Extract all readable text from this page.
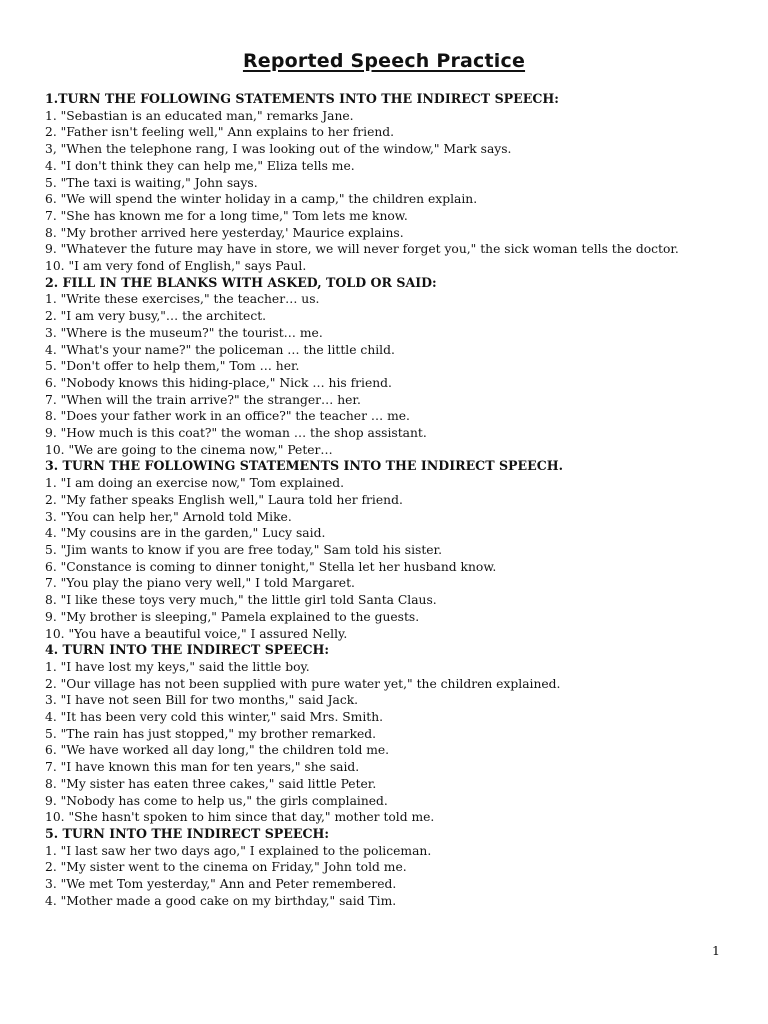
Reported Speech Practice
1.TURN THE FOLLOWING STATEMENTS INTO THE INDIRECT SPEECH:
1. "Sebastian is an educated man," remarks Jane.
2. "Father isn't feeling well," Ann explains to her friend.
3, "When the telephone rang, I was looking out of the window," Mark says.
4. "I don't think they can help me," Eliza tells me.
5. "The taxi is waiting," John says.
6. "We will spend the winter holiday in a camp," the children explain.
7. "She has known me for a long time," Tom lets me know.
8. "My brother arrived here yesterday,' Maurice explains.
9. "Whatever the future may have in store, we will never forget you," the sick woman tells the doctor.
10. "I am very fond of English," says Paul.
2. FILL IN THE BLANKS WITH ASKED, TOLD OR SAID:
1. "Write these exercises," the teacher… us.
2. "I am very busy,"… the architect.
3. "Where is the museum?" the tourist… me.
4. "What's your name?" the policeman … the little child.
5. "Don't offer to help them," Tom … her.
6. "Nobody knows this hiding-place," Nick … his friend.
7. "When will the train arrive?" the stranger… her.
8. "Does your father work in an office?" the teacher … me.
9. "How much is this coat?" the woman … the shop assistant.
10. "We are going to the cinema now," Peter…
3. TURN THE FOLLOWING STATEMENTS INTO THE INDIRECT SPEECH.
1. "I am doing an exercise now," Tom explained.
2. "My father speaks English well," Laura told her friend.
3. "You can help her," Arnold told Mike.
4. "My cousins are in the garden," Lucy said.
5. "Jim wants to know if you are free today," Sam told his sister.
6. "Constance is coming to dinner tonight," Stella let her husband know.
7. "You play the piano very well," I told Margaret.
8. "I like these toys very much," the little girl told Santa Claus.
9. "My brother is sleeping," Pamela explained to the guests.
10. "You have a beautiful voice," I assured Nelly.
4. TURN INTO THE INDIRECT SPEECH:
1. "I have lost my keys," said the little boy.
2. "Our village has not been supplied with pure water yet," the children explained.
3. "I have not seen Bill for two months," said Jack.
4. "It has been very cold this winter," said Mrs. Smith.
5. "The rain has just stopped," my brother remarked.
6. "We have worked all day long," the children told me.
7. "I have known this man for ten years," she said.
8. "My sister has eaten three cakes," said little Peter.
9. "Nobody has come to help us," the girls complained.
10. "She hasn't spoken to him since that day," mother told me.
5. TURN INTO THE INDIRECT SPEECH:
1. "I last saw her two days ago," I explained to the policeman.
2. "My sister went to the cinema on Friday," John told me.
3. "We met Tom yesterday," Ann and Peter remembered.
4. "Mother made a good cake on my birthday," said Tim.
1
